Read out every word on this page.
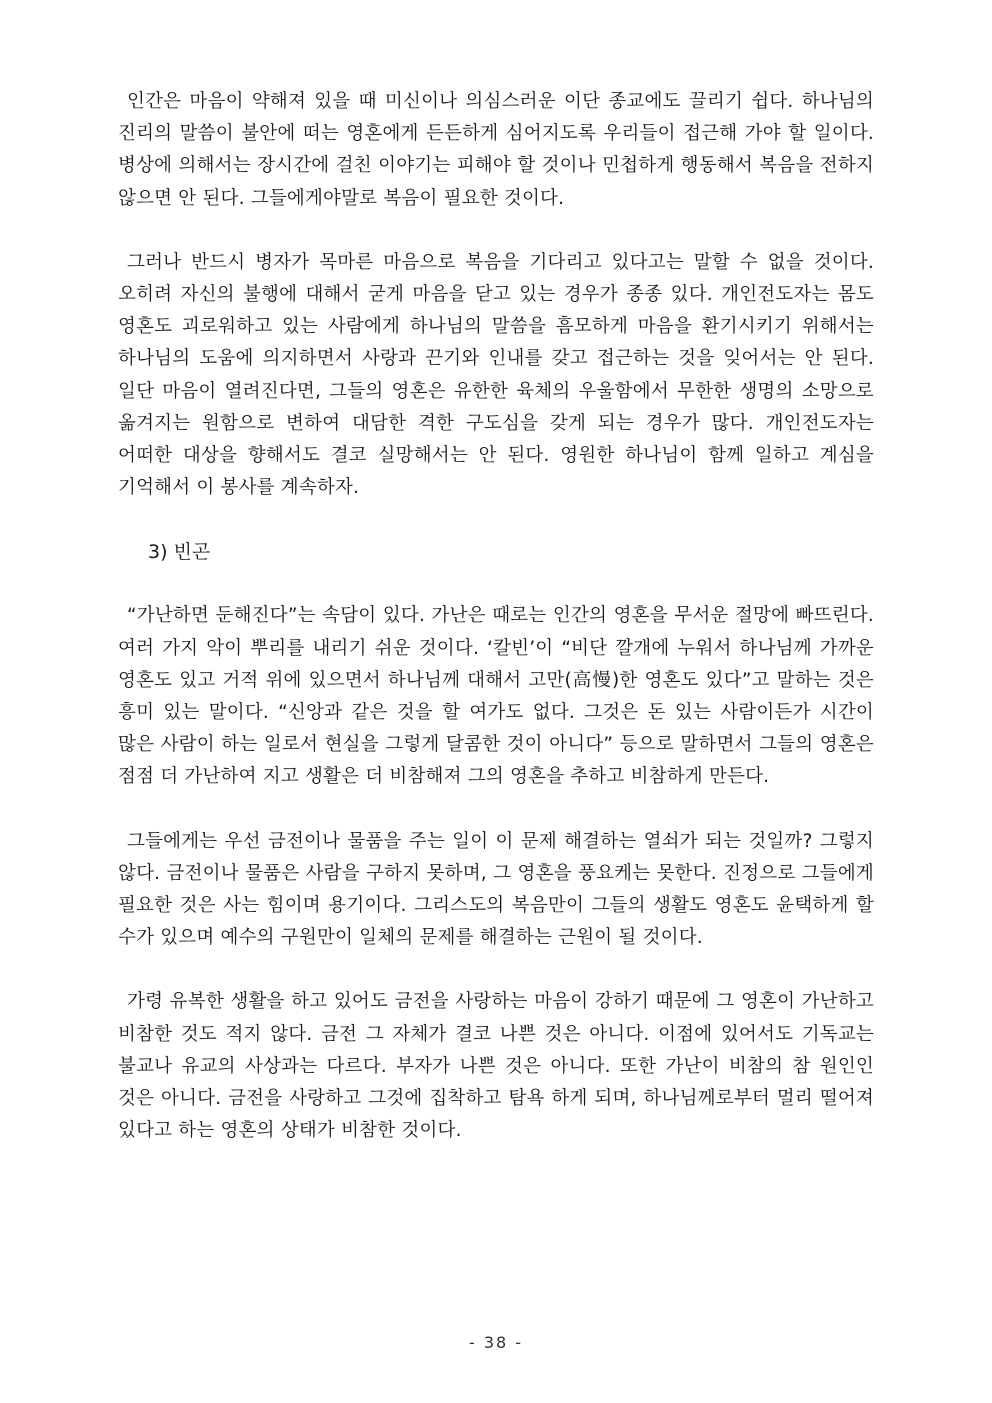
인간은 마음이 약해져 있을 때 미신이나 의심스러운 이단 종교에도 끌리기 쉽다. 하나님의 진리의 말씀이 불안에 떠는 영혼에게 든든하게 심어지도록 우리들이 접근해 가야 할 일이다. 병상에 의해서는 장시간에 걸친 이야기는 피해야 할 것이나 민첩하게 행동해서 복음을 전하지 않으면 안 된다. 그들에게야말로 복음이 필요한 것이다.

그러나 반드시 병자가 목마른 마음으로 복음을 기다리고 있다고는 말할 수 없을 것이다. 오히려 자신의 불행에 대해서 굳게 마음을 닫고 있는 경우가 종종 있다. 개인전도자는 몸도 영혼도 괴로워하고 있는 사람에게 하나님의 말씀을 흠모하게 마음을 환기시키기 위해서는 하나님의 도움에 의지하면서 사랑과 끈기와 인내를 갖고 접근하는 것을 잊어서는 안 된다. 일단 마음이 열려진다면, 그들의 영혼은 유한한 육체의 우울함에서 무한한 생명의 소망으로 옮겨지는 원함으로 변하여 대담한 격한 구도심을 갖게 되는 경우가 많다. 개인전도자는 어떠한 대상을 향해서도 결코 실망해서는 안 된다. 영원한 하나님이 함께 일하고 계심을 기억해서 이 봉사를 계속하자.

3) 빈곤

“가난하면 둔해진다”는 속담이 있다. 가난은 때로는 인간의 영혼을 무서운 절망에 빠뜨린다. 여러 가지 악이 뿌리를 내리기 쉬운 것이다. ‘칼빈’이 “비단 깔개에 누워서 하나님께 가까운 영혼도 있고 거적 위에 있으면서 하나님께 대해서 고만(高慢)한 영혼도 있다”고 말하는 것은 흥미 있는 말이다. “신앙과 같은 것을 할 여가도 없다. 그것은 돈 있는 사람이든가 시간이 많은 사람이 하는 일로서 현실을 그렇게 달콤한 것이 아니다” 등으로 말하면서 그들의 영혼은 점점 더 가난하여 지고 생활은 더 비참해져 그의 영혼을 추하고 비참하게 만든다.

그들에게는 우선 금전이나 물품을 주는 일이 이 문제 해결하는 열쇠가 되는 것일까? 그렇지 않다. 금전이나 물품은 사람을 구하지 못하며, 그 영혼을 풍요케는 못한다. 진정으로 그들에게 필요한 것은 사는 힘이며 용기이다. 그리스도의 복음만이 그들의 생활도 영혼도 윤택하게 할 수가 있으며 예수의 구원만이 일체의 문제를 해결하는 근원이 될 것이다.

가령 유복한 생활을 하고 있어도 금전을 사랑하는 마음이 강하기 때문에 그 영혼이 가난하고 비참한 것도 적지 않다. 금전 그 자체가 결코 나쁜 것은 아니다. 이점에 있어서도 기독교는 불교나 유교의 사상과는 다르다. 부자가 나쁜 것은 아니다. 또한 가난이 비참의 참 원인인 것은 아니다. 금전을 사랑하고 그것에 집착하고 탐욕 하게 되며, 하나님께로부터 멀리 떨어져 있다고 하는 영혼의 상태가 비참한 것이다.

- 38 -
